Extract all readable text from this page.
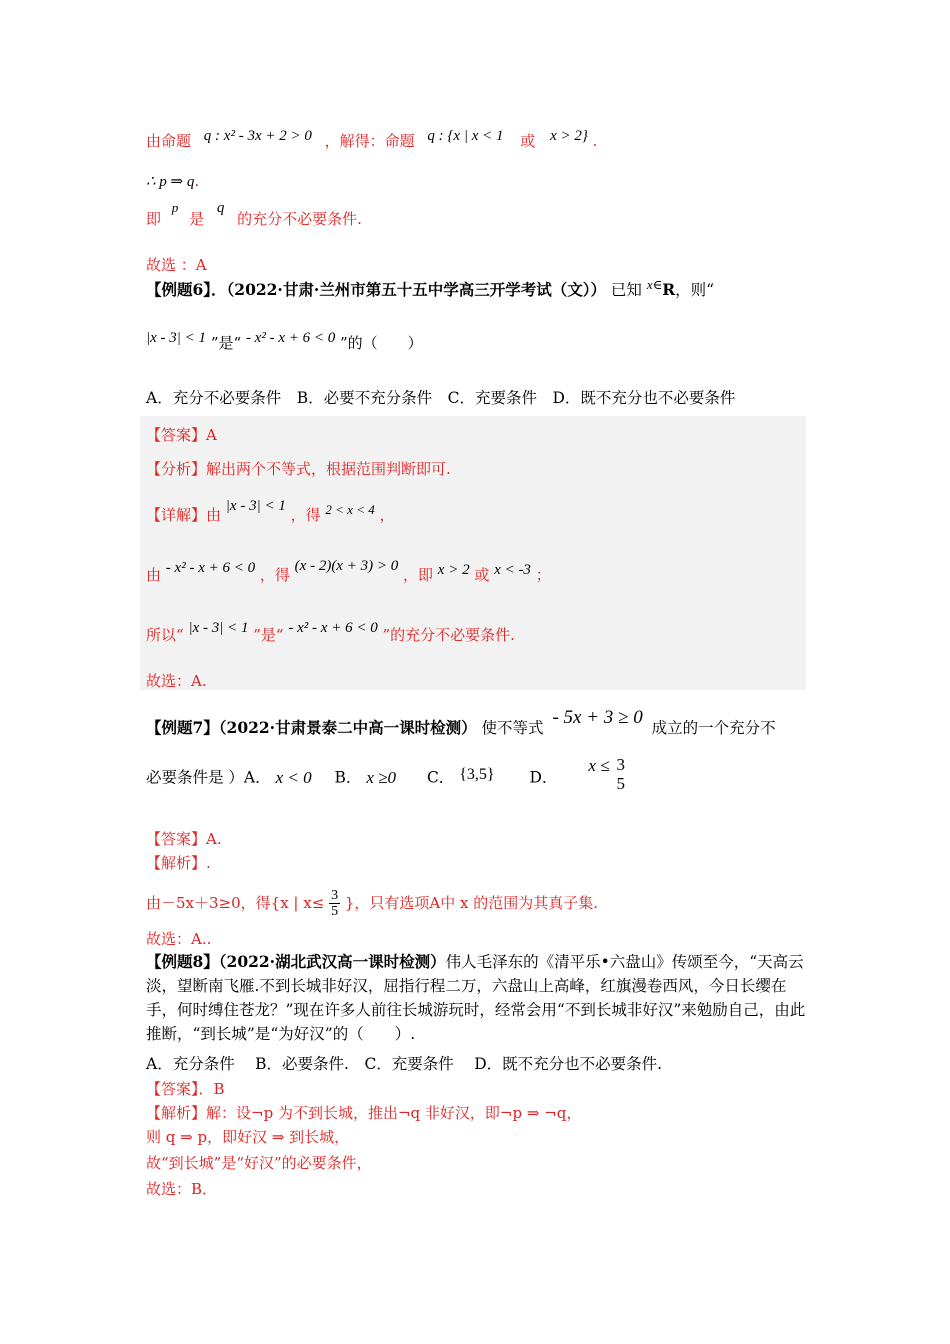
由命题 q : x² - 3x + 2 > 0 ，解得：命题 q : {x | x < 1 或 x > 2} .
∴ p ⇒ q.
即 p 是 q 的充分不必要条件.
故选 ：A
【例题6】．（2022·甘肃·兰州市第五十五中学高三开学考试（文）） 已知 $^{x\in}$R，则“
|x - 3| < 1 ”是“ - x² - x + 6 < 0 ”的（　　）
A．充分不必要条件　B．必要不充分条件　C．充要条件　D．既不充分也不必要条件
【答案】A
【分析】解出两个不等式，根据范围判断即可.
【详解】由 |x - 3| < 1 ，得 2 < x < 4 ，
由 - x² - x + 6 < 0 ，得 (x - 2)(x + 3) > 0 ，即 x > 2 或 x < -3 ；
所以“ |x - 3| < 1 ”是“ - x² - x + 6 < 0 ”的充分不必要条件.
故选：A.
【例题7】（2022·甘肃景泰二中高一课时检测） 使不等式 - 5x + 3 ≥ 0 成立的一个充分不
必要条件是 ）A． x < 0 B． x ≥0 C． {3,5} D． x ≤ 3
5
【答案】A.
【解析】.
由－5x＋3≥0，得{x | $x\le \frac{3}{5}$ }，只有选项A中 x 的范围为其真子集.
故选：A..
【例题8】（2022·湖北武汉高一课时检测）伟人毛泽东的《清平乐•六盘山》传颂至今，“天高云淡，望断南飞雁.不到长城非好汉，屈指行程二万，六盘山上高峰，红旗漫卷西风，今日长缨在手，何时缚住苍龙？”现在许多人前往长城游玩时，经常会用“不到长城非好汉”来勉励自己，由此推断，“到长城”是“为好汉”的（　　）.
A．充分条件　 B．必要条件.　C．充要条件　 D．既不充分也不必要条件.
【答案】．B
【解析】解：设¬p 为不到长城，推出¬q 非好汉，即¬p ⇒ ¬q，
则 q ⇒ p，即好汉 ⇒ 到长城，
故“到长城”是“好汉”的必要条件，
故选：B．
